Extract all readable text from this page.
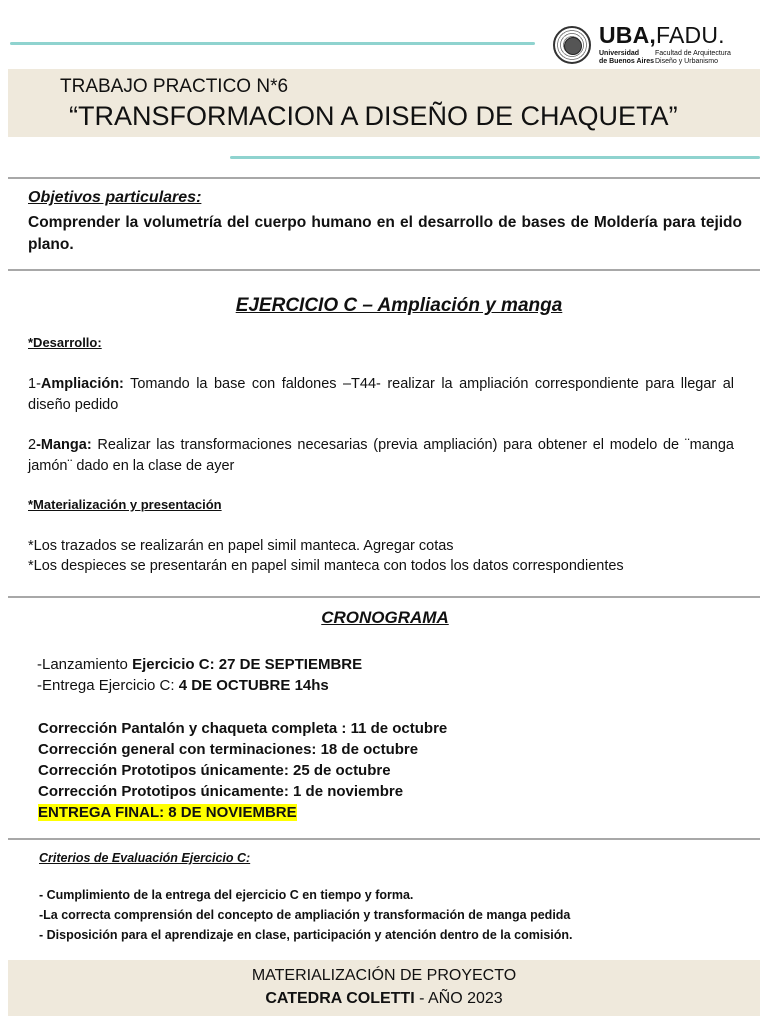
UBA,FADU.
Universidad
de Buenos Aires
Facultad de Arquitectura
Diseño y Urbanismo
TRABAJO PRACTICO N*6
“TRANSFORMACION A DISEÑO DE CHAQUETA”
Objetivos particulares:
Comprender la volumetría del cuerpo humano en el desarrollo de bases de Moldería para tejido plano.
EJERCICIO C – Ampliación y manga
*Desarrollo:
1-Ampliación: Tomando la base con faldones –T44- realizar la ampliación correspondiente para llegar al diseño pedido
2-Manga: Realizar las transformaciones necesarias (previa ampliación) para obtener el modelo de ¨manga jamón¨ dado en la clase de ayer
*Materialización y presentación
*Los trazados se realizarán en papel simil manteca. Agregar cotas
*Los despieces se presentarán en papel simil manteca con todos los datos correspondientes
CRONOGRAMA
-Lanzamiento Ejercicio C: 27 DE SEPTIEMBRE
-Entrega Ejercicio C: 4 DE OCTUBRE 14hs
Corrección Pantalón y chaqueta completa : 11 de octubre
Corrección general con terminaciones: 18 de octubre
Corrección Prototipos únicamente: 25 de octubre
Corrección Prototipos únicamente: 1 de noviembre
ENTREGA FINAL: 8 DE NOVIEMBRE
Criterios de Evaluación Ejercicio C:
- Cumplimiento de la entrega del ejercicio C en tiempo y forma.
-La correcta comprensión del concepto de ampliación y transformación de manga pedida
- Disposición para el aprendizaje en clase, participación y atención dentro de la comisión.
MATERIALIZACIÓN DE PROYECTO
CATEDRA COLETTI - AÑO 2023
